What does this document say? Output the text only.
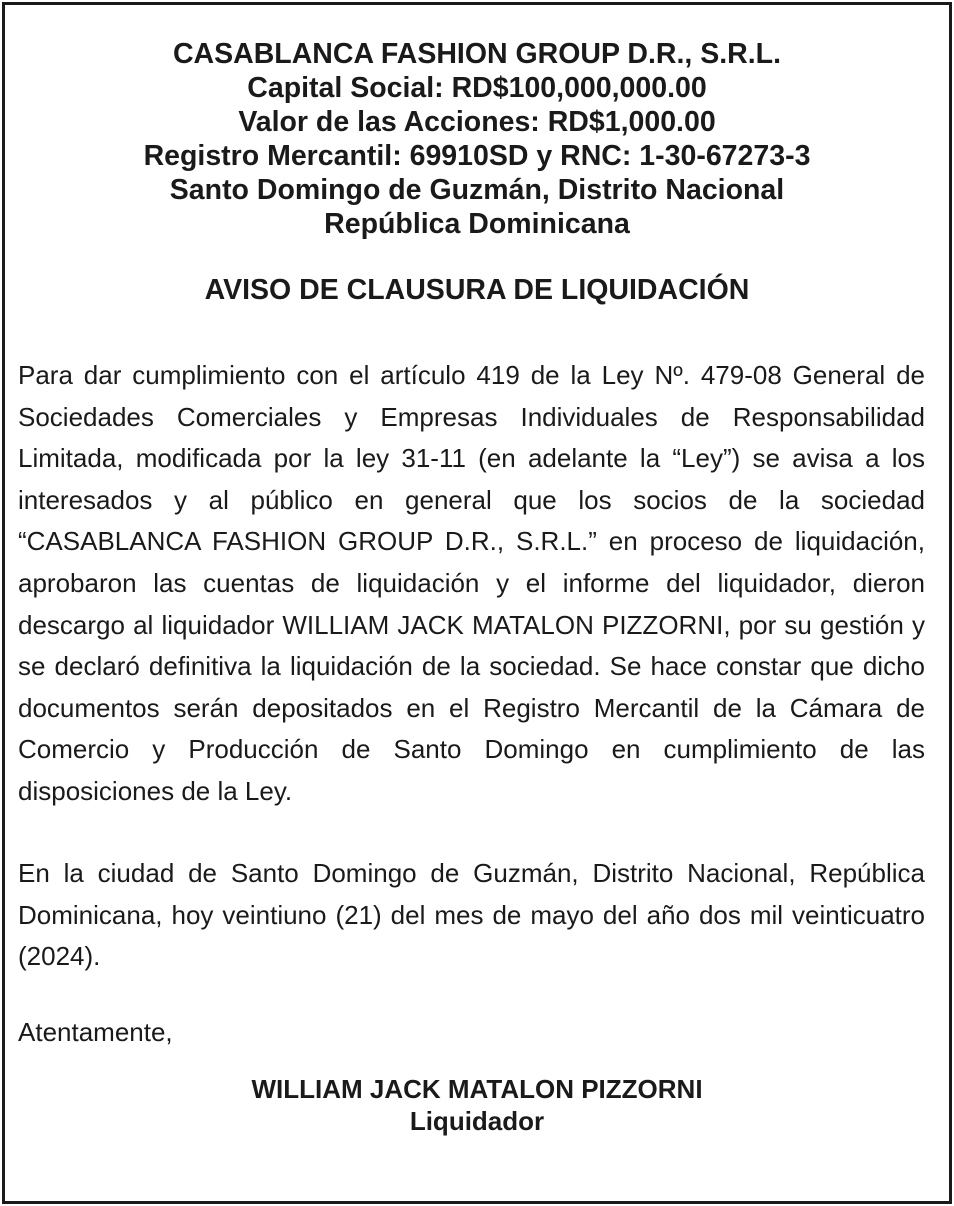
CASABLANCA FASHION GROUP D.R., S.R.L.
Capital Social: RD$100,000,000.00
Valor de las Acciones: RD$1,000.00
Registro Mercantil: 69910SD y RNC: 1-30-67273-3
Santo Domingo de Guzmán, Distrito Nacional
República Dominicana
AVISO DE CLAUSURA DE LIQUIDACIÓN

Para dar cumplimiento con el artículo 419 de la Ley Nº. 479-08 General de Sociedades Comerciales y Empresas Individuales de Responsabilidad Limitada, modificada por la ley 31-11 (en adelante la “Ley”) se avisa a los interesados y al público en general que los socios de la sociedad “CASABLANCA FASHION GROUP D.R., S.R.L.” en proceso de liquidación, aprobaron las cuentas de liquidación y el informe del liquidador, dieron descargo al liquidador WILLIAM JACK MATALON PIZZORNI, por su gestión y se declaró definitiva la liquidación de la sociedad. Se hace constar que dicho documentos serán depositados en el Registro Mercantil de la Cámara de Comercio y Producción de Santo Domingo en cumplimiento de las disposiciones de la Ley.

En la ciudad de Santo Domingo de Guzmán, Distrito Nacional, República Dominicana, hoy veintiuno (21) del mes de mayo del año dos mil veinticuatro (2024).

Atentamente,
WILLIAM JACK MATALON PIZZORNI
Liquidador
